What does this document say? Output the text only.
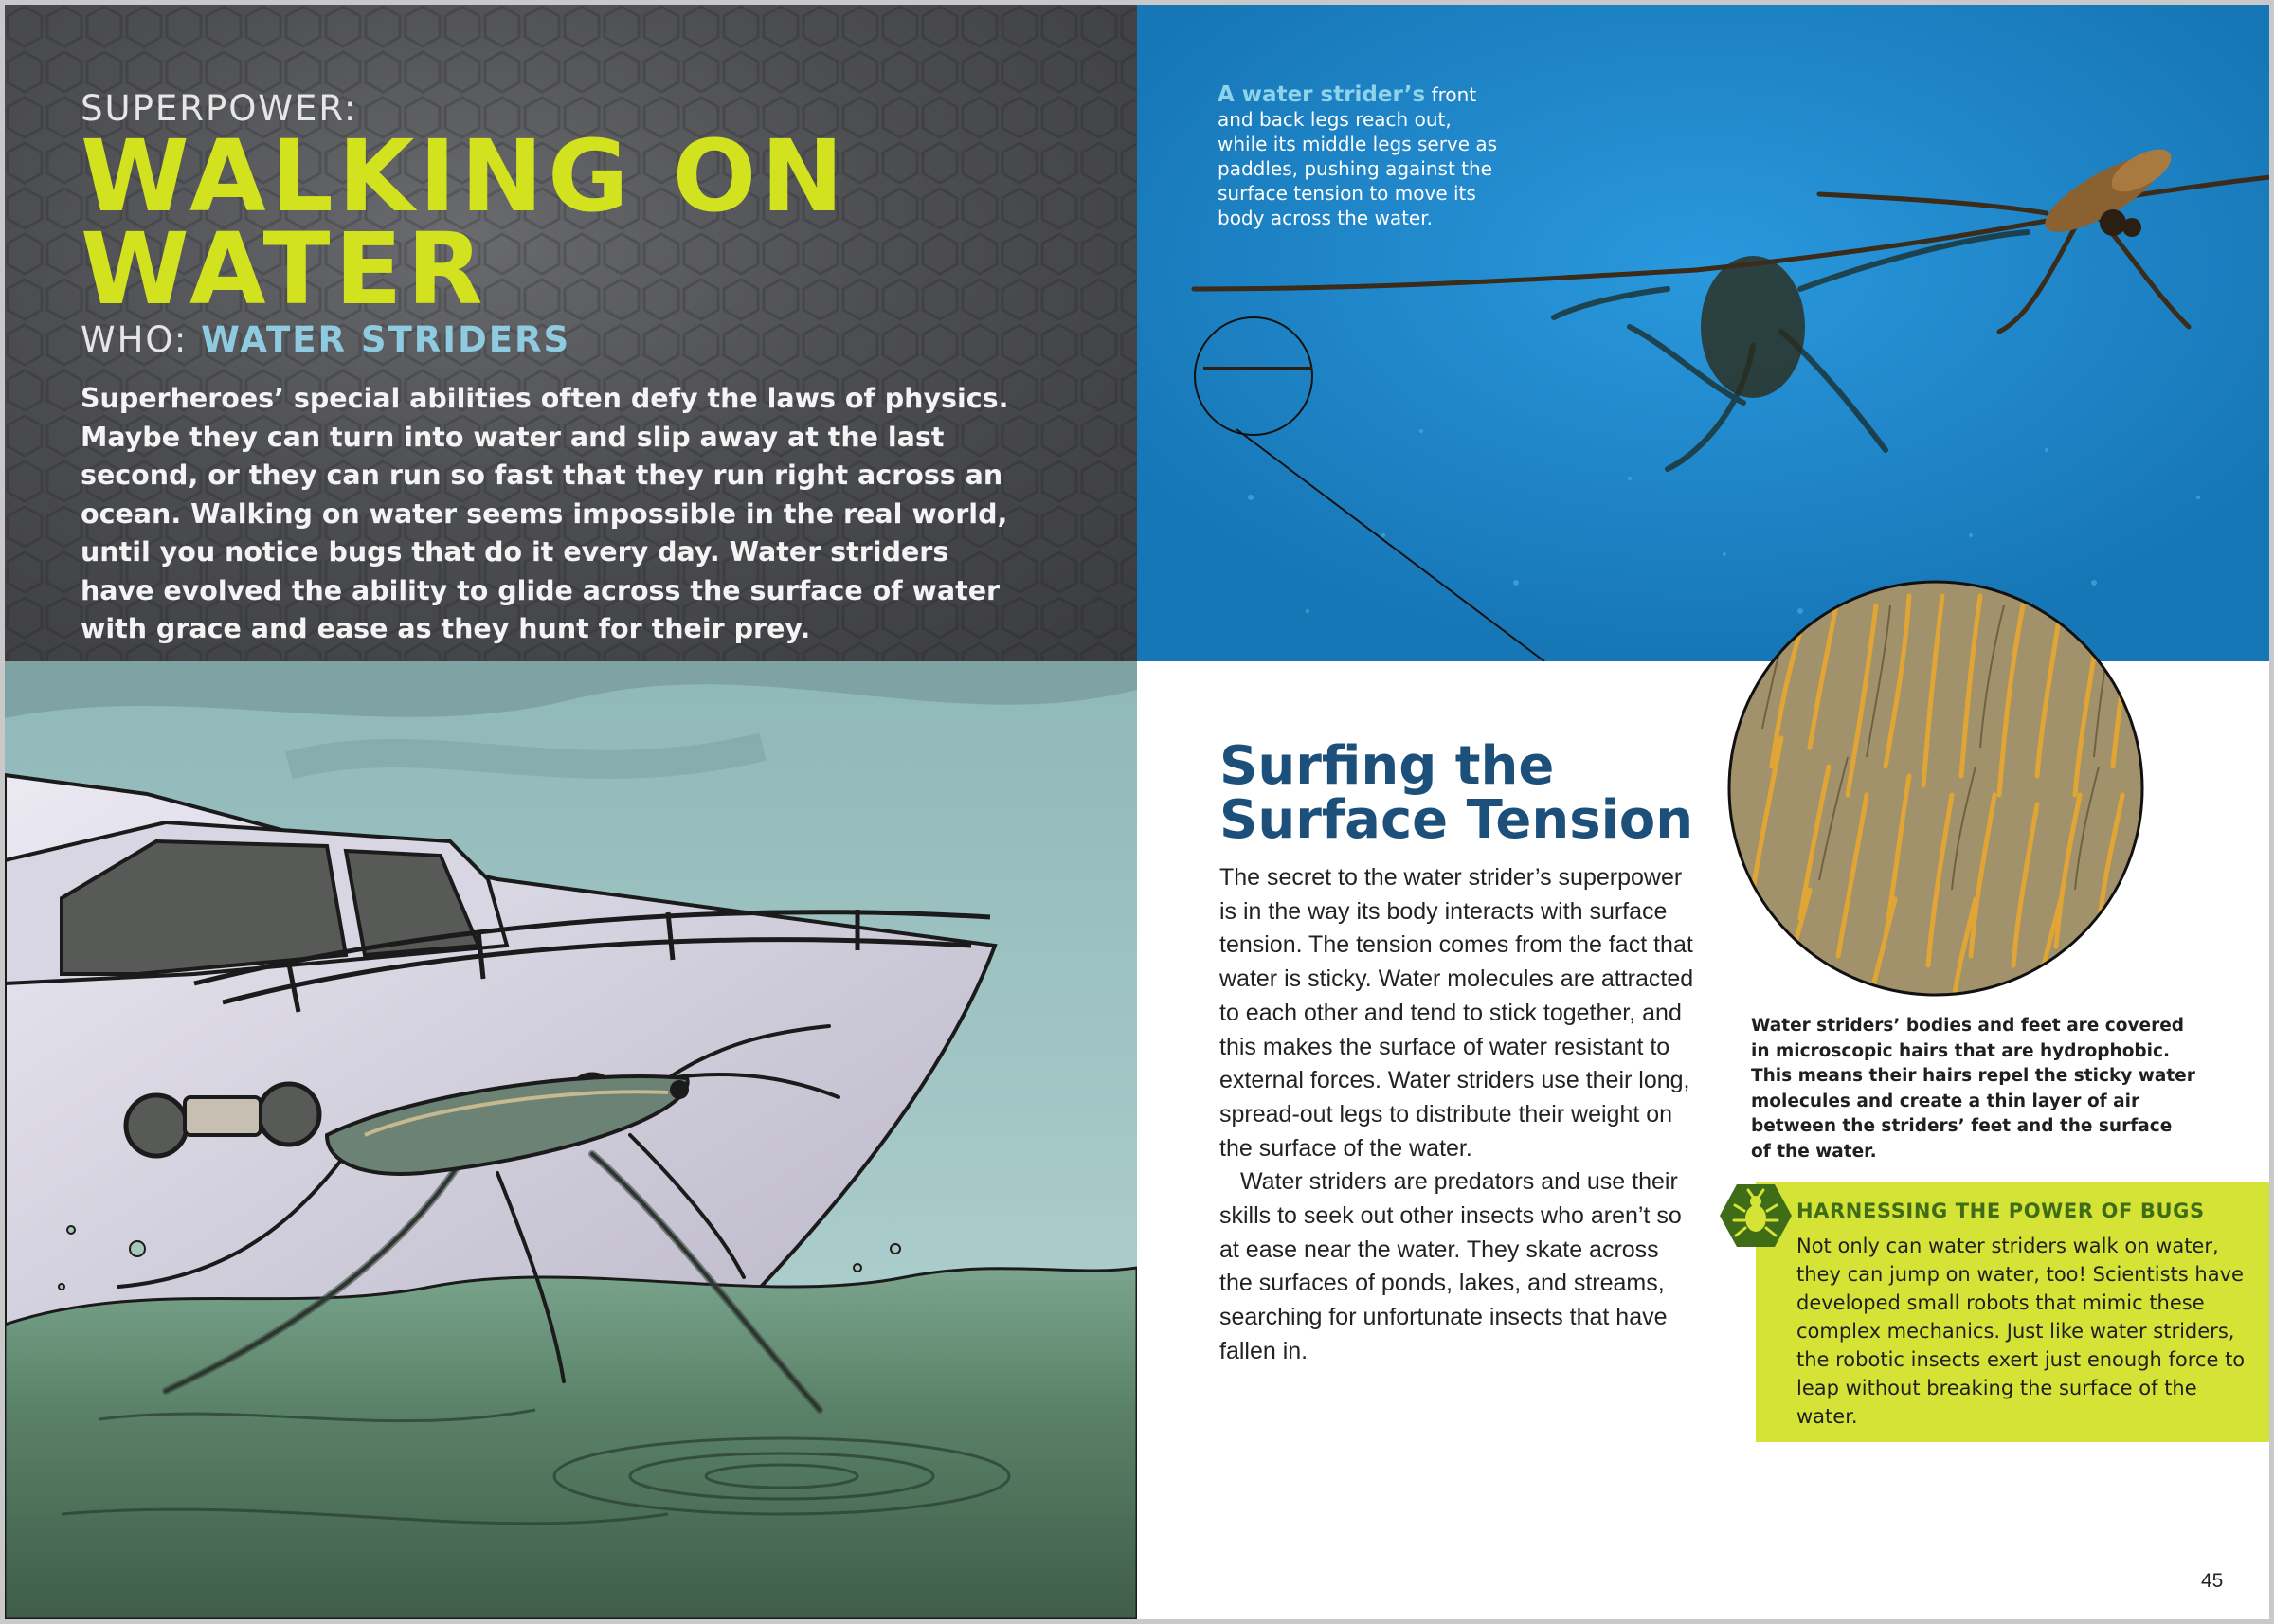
SUPERPOWER:
WALKING ON
WATER
WHO: WATER STRIDERS
Superheroes’ special abilities often defy the laws of physics. Maybe they can turn into water and slip away at the last second, or they can run so fast that they run right across an ocean. Walking on water seems impossible in the real world, until you notice bugs that do it every day. Water striders have evolved the ability to glide across the surface of water with grace and ease as they hunt for their prey.
A water strider’s front and back legs reach out, while its middle legs serve as paddles, pushing against the surface tension to move its body across the water.
Surfing the
Surface Tension

The secret to the water strider’s superpower is in the way its body interacts with surface tension. The tension comes from the fact that water is sticky. Water molecules are attracted to each other and tend to stick together, and this makes the surface of water resistant to external forces. Water striders use their long, spread-out legs to distribute their weight on the surface of the water.

Water striders are predators and use their skills to seek out other insects who aren’t so at ease near the water. They skate across the surfaces of ponds, lakes, and streams, searching for unfortunate insects that have fallen in.

Water striders’ bodies and feet are covered in microscopic hairs that are hydrophobic. This means their hairs repel the sticky water molecules and create a thin layer of air between the striders’ feet and the surface of the water.
HARNESSING THE POWER OF BUGS
Not only can water striders walk on water, they can jump on water, too! Scientists have developed small robots that mimic these complex mechanics. Just like water striders, the robotic insects exert just enough force to leap without breaking the surface of the water.
45
